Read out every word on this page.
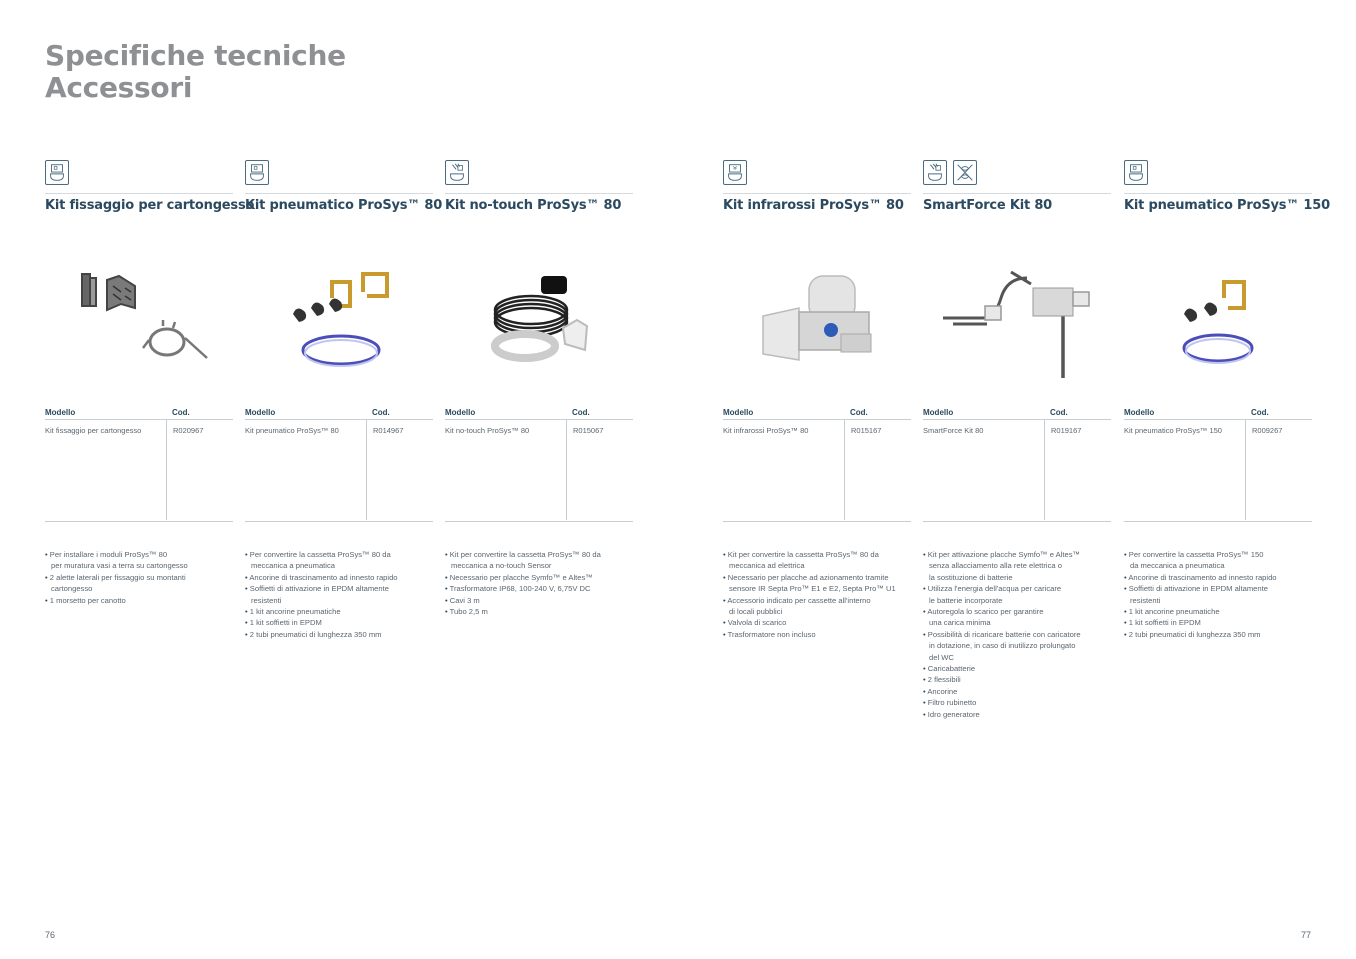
Specifiche tecniche
Accessori
Kit fissaggio per cartongesso
Modello	Cod.
Kit fissaggio per cartongesso	R020967
• Per installare i moduli ProSys™ 80
per muratura vasi a terra su cartongesso
• 2 alette laterali per fissaggio su montanti
cartongesso
• 1 morsetto per canotto
Kit pneumatico ProSys™ 80
Modello	Cod.
Kit pneumatico ProSys™ 80	R014967
• Per convertire la cassetta ProSys™ 80 da
meccanica a pneumatica
• Ancorine di trascinamento ad innesto rapido
• Soffietti di attivazione in EPDM altamente
resistenti
• 1 kit ancorine pneumatiche
• 1 kit soffietti in EPDM
• 2 tubi pneumatici di lunghezza 350 mm
Kit no-touch ProSys™ 80
Modello	Cod.
Kit no-touch ProSys™ 80	R015067
• Kit per convertire la cassetta ProSys™ 80 da
meccanica a no-touch Sensor
• Necessario per placche Symfo™ e Altes™
• Trasformatore IP68, 100-240 V, 6,75V DC
• Cavi 3 m
• Tubo 2,5 m
Kit infrarossi ProSys™ 80
Modello	Cod.
Kit infrarossi ProSys™ 80	R015167
• Kit per convertire la cassetta ProSys™ 80 da
meccanica ad elettrica
• Necessario per placche ad azionamento tramite
sensore IR Septa Pro™ E1 e E2, Septa Pro™ U1
• Accessorio indicato per cassette all'interno
di locali pubblici
• Valvola di scarico
• Trasformatore non incluso
SmartForce Kit 80
Modello	Cod.
SmartForce Kit 80	R019167
• Kit per attivazione placche Symfo™ e Altes™
senza allacciamento alla rete elettrica o
la sostituzione di batterie
• Utilizza l'energia dell'acqua per caricare
le batterie incorporate
• Autoregola lo scarico per garantire
una carica minima
• Possibilità di ricaricare batterie con caricatore
in dotazione, in caso di inutilizzo prolungato
del WC
• Caricabatterie
• 2 flessibili
• Ancorine
• Filtro rubinetto
• Idro generatore
Kit pneumatico ProSys™ 150
Modello	Cod.
Kit pneumatico ProSys™ 150	R009267
• Per convertire la cassetta ProSys™ 150
da meccanica a pneumatica
• Ancorine di trascinamento ad innesto rapido
• Soffietti di attivazione in EPDM altamente
resistenti
• 1 kit ancorine pneumatiche
• 1 kit soffietti in EPDM
• 2 tubi pneumatici di lunghezza 350 mm
76	77
